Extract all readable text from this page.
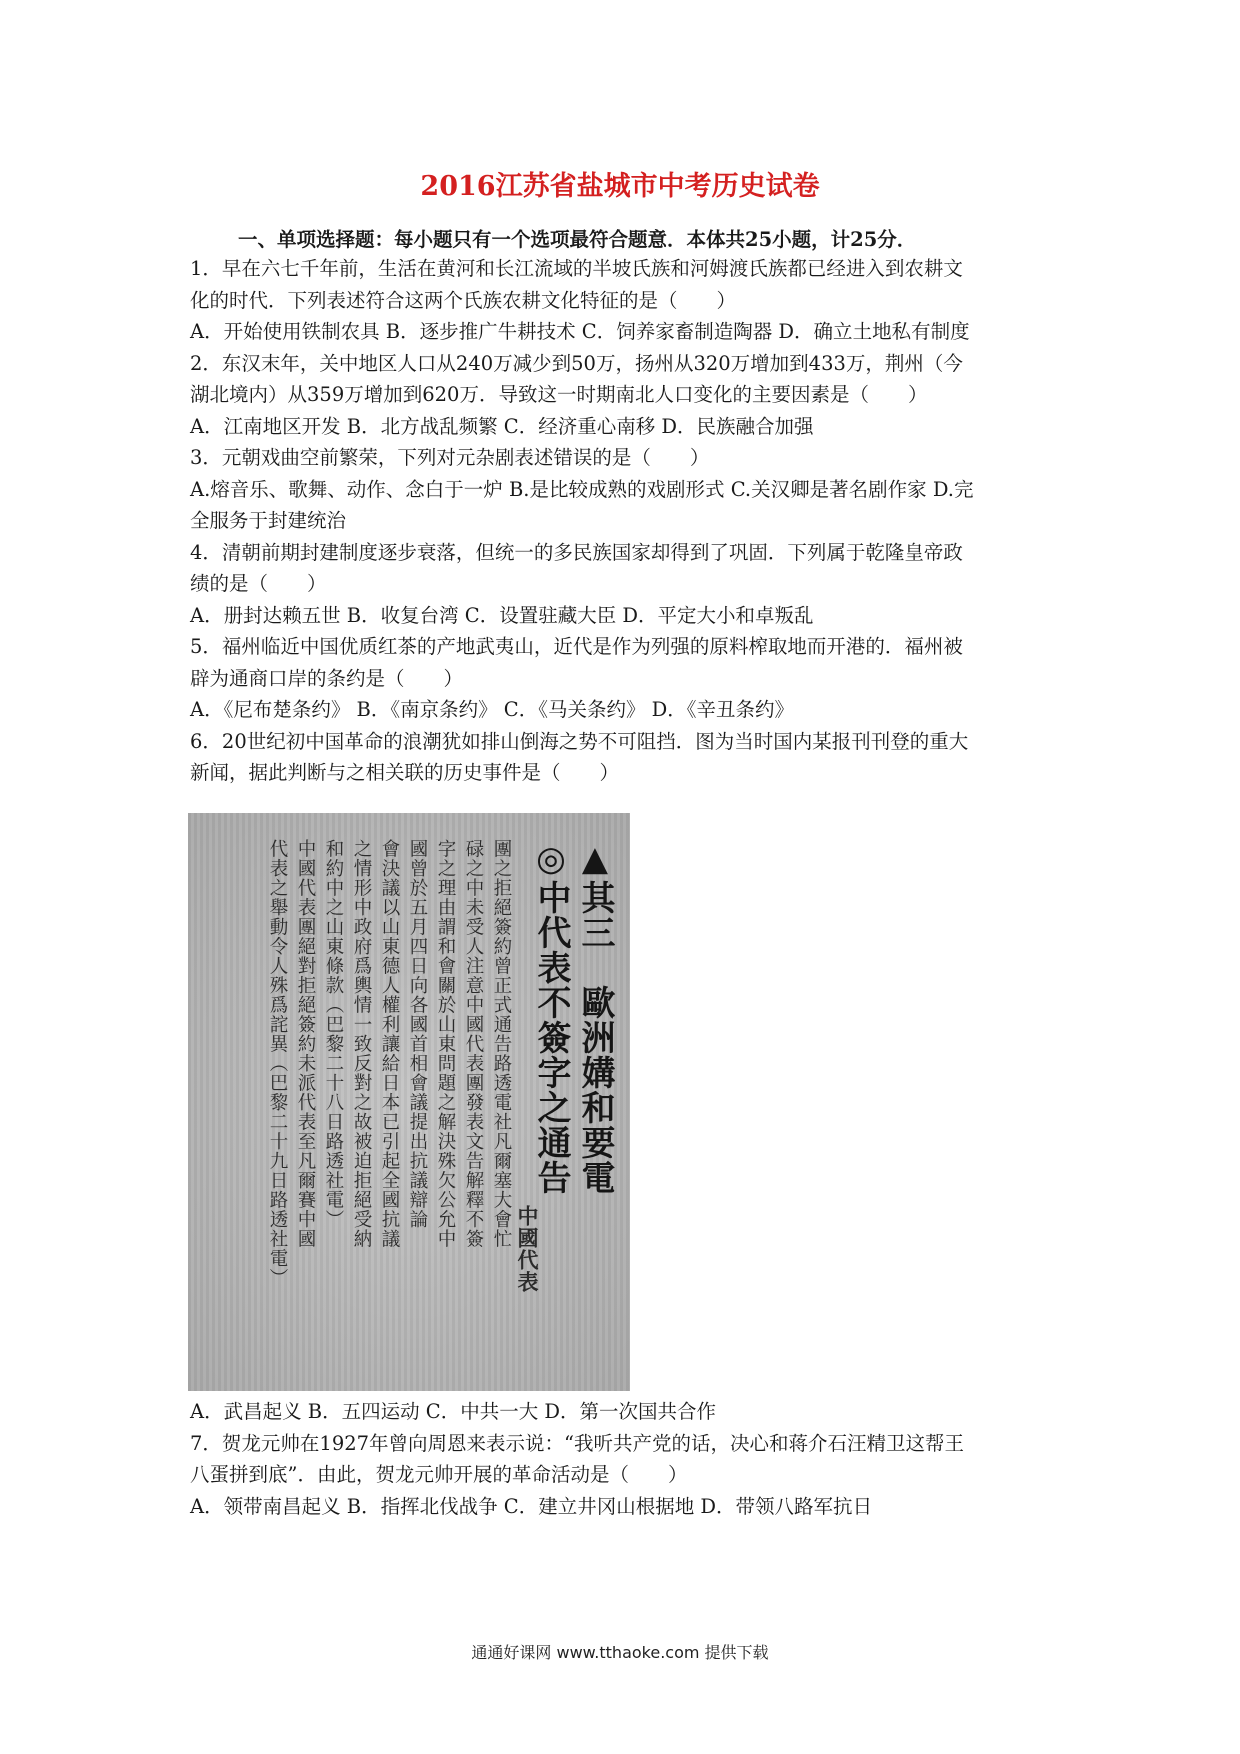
2016江苏省盐城市中考历史试卷
一、单项选择题：每小题只有一个选项最符合题意．本体共25小题，计25分．
1．早在六七千年前，生活在黄河和长江流域的半坡氏族和河姆渡氏族都已经进入到农耕文
化的时代．下列表述符合这两个氏族农耕文化特征的是（　　）
A．开始使用铁制农具 B．逐步推广牛耕技术 C．饲养家畜制造陶器 D．确立土地私有制度
2．东汉末年，关中地区人口从240万减少到50万，扬州从320万增加到433万，荆州（今
湖北境内）从359万增加到620万．导致这一时期南北人口变化的主要因素是（　　）
A．江南地区开发 B．北方战乱频繁 C．经济重心南移 D．民族融合加强
3．元朝戏曲空前繁荣，下列对元杂剧表述错误的是（　　）
A.熔音乐、歌舞、动作、念白于一炉 B.是比较成熟的戏剧形式 C.关汉卿是著名剧作家 D.完
全服务于封建统治
4．清朝前期封建制度逐步衰落，但统一的多民族国家却得到了巩固．下列属于乾隆皇帝政
绩的是（　　）
A．册封达赖五世 B．收复台湾 C．设置驻藏大臣 D．平定大小和卓叛乱
5．福州临近中国优质红茶的产地武夷山，近代是作为列强的原料榨取地而开港的．福州被
辟为通商口岸的条约是（　　）
A．《尼布楚条约》 B．《南京条约》 C．《马关条约》 D．《辛丑条约》
6．20世纪初中国革命的浪潮犹如排山倒海之势不可阻挡．图为当时国内某报刊刊登的重大
新闻，据此判断与之相关联的历史事件是（　　）
▲其三　歐洲媾和要電
◎中代表不簽字之通告
中國代表
團之拒絕簽約曾正式通告路透電社凡爾塞大會忙
碌之中未受人注意中國代表團發表文告解釋不簽
字之理由謂和會關於山東問題之解決殊欠公允中
國曾於五月四日向各國首相會議提出抗議辯論
會決議以山東德人權利讓給日本已引起全國抗議
之情形中政府爲輿情一致反對之故被迫拒絕受納
和約中之山東條款（巴黎二十八日路透社電）
中國代表團絕對拒絕簽約未派代表至凡爾賽中國
代表之舉動令人殊爲詫異（巴黎二十九日路透社電）
A．武昌起义 B．五四运动 C．中共一大 D．第一次国共合作
7．贺龙元帅在1927年曾向周恩来表示说：“我听共产党的话，决心和蒋介石汪精卫这帮王
八蛋拼到底”．由此，贺龙元帅开展的革命活动是（　　）
A．领带南昌起义 B．指挥北伐战争 C．建立井冈山根据地 D．带领八路军抗日
通通好课网 www.tthaoke.com 提供下载
